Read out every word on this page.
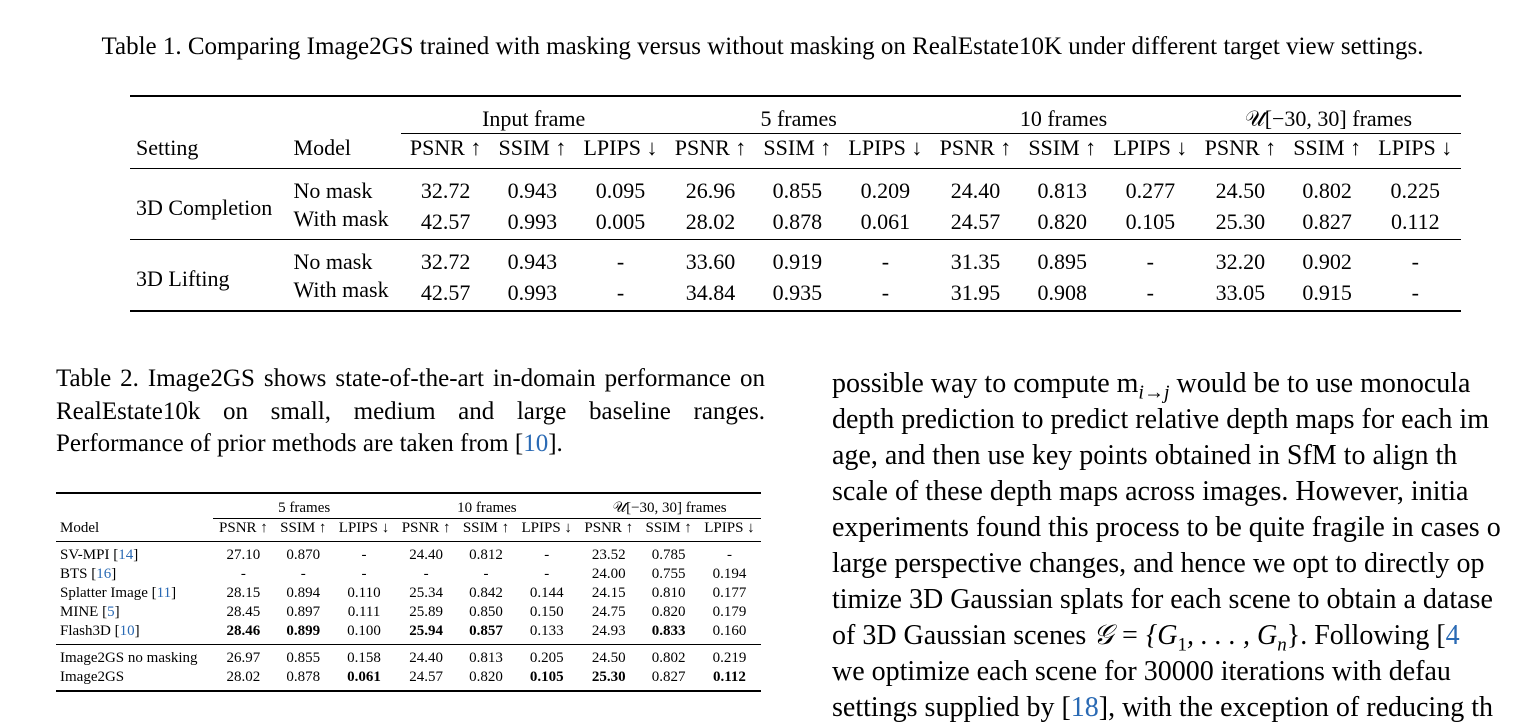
Table 1. Comparing Image2GS trained with masking versus without masking on RealEstate10K under different target view settings.
		Input frame			5 frames			10 frames			𝒰[−30, 30] frames		
Setting	Model	PSNR ↑	SSIM ↑	LPIPS ↓	PSNR ↑	SSIM ↑	LPIPS ↓	PSNR ↑	SSIM ↑	LPIPS ↓	PSNR ↑	SSIM ↑	LPIPS ↓
3D Completion	No mask	32.72	0.943	0.095	26.96	0.855	0.209	24.40	0.813	0.277	24.50	0.802	0.225
	With mask	42.57	0.993	0.005	28.02	0.878	0.061	24.57	0.820	0.105	25.30	0.827	0.112
3D Lifting	No mask	32.72	0.943	-	33.60	0.919	-	31.35	0.895	-	32.20	0.902	-
	With mask	42.57	0.993	-	34.84	0.935	-	31.95	0.908	-	33.05	0.915	-
Table 2. Image2GS shows state-of-the-art in-domain performance on RealEstate10k on small, medium and large baseline ranges. Performance of prior methods are taken from [10].
	5 frames			10 frames			𝒰[−30, 30] frames		
Model	PSNR ↑	SSIM ↑	LPIPS ↓	PSNR ↑	SSIM ↑	LPIPS ↓	PSNR ↑	SSIM ↑	LPIPS ↓
SV-MPI [14]	27.10	0.870	-	24.40	0.812	-	23.52	0.785	-
BTS [16]	-	-	-	-	-	-	24.00	0.755	0.194
Splatter Image [11]	28.15	0.894	0.110	25.34	0.842	0.144	24.15	0.810	0.177
MINE [5]	28.45	0.897	0.111	25.89	0.850	0.150	24.75	0.820	0.179
Flash3D [10]	28.46	0.899	0.100	25.94	0.857	0.133	24.93	0.833	0.160
Image2GS no masking	26.97	0.855	0.158	24.40	0.813	0.205	24.50	0.802	0.219
Image2GS	28.02	0.878	0.061	24.57	0.820	0.105	25.30	0.827	0.112
possible way to compute $m_{i\to j}$ would be to use monocula
depth prediction to predict relative depth maps for each im
age, and then use key points obtained in SfM to align th
scale of these depth maps across images. However, initia
experiments found this process to be quite fragile in cases o
large perspective changes, and hence we opt to directly op
timize 3D Gaussian splats for each scene to obtain a datase
of 3D Gaussian scenes 𝒢 = {$G_1$, . . . , $G_n$}. Following [4
we optimize each scene for 30000 iterations with defau
settings supplied by [18], with the exception of reducing th
